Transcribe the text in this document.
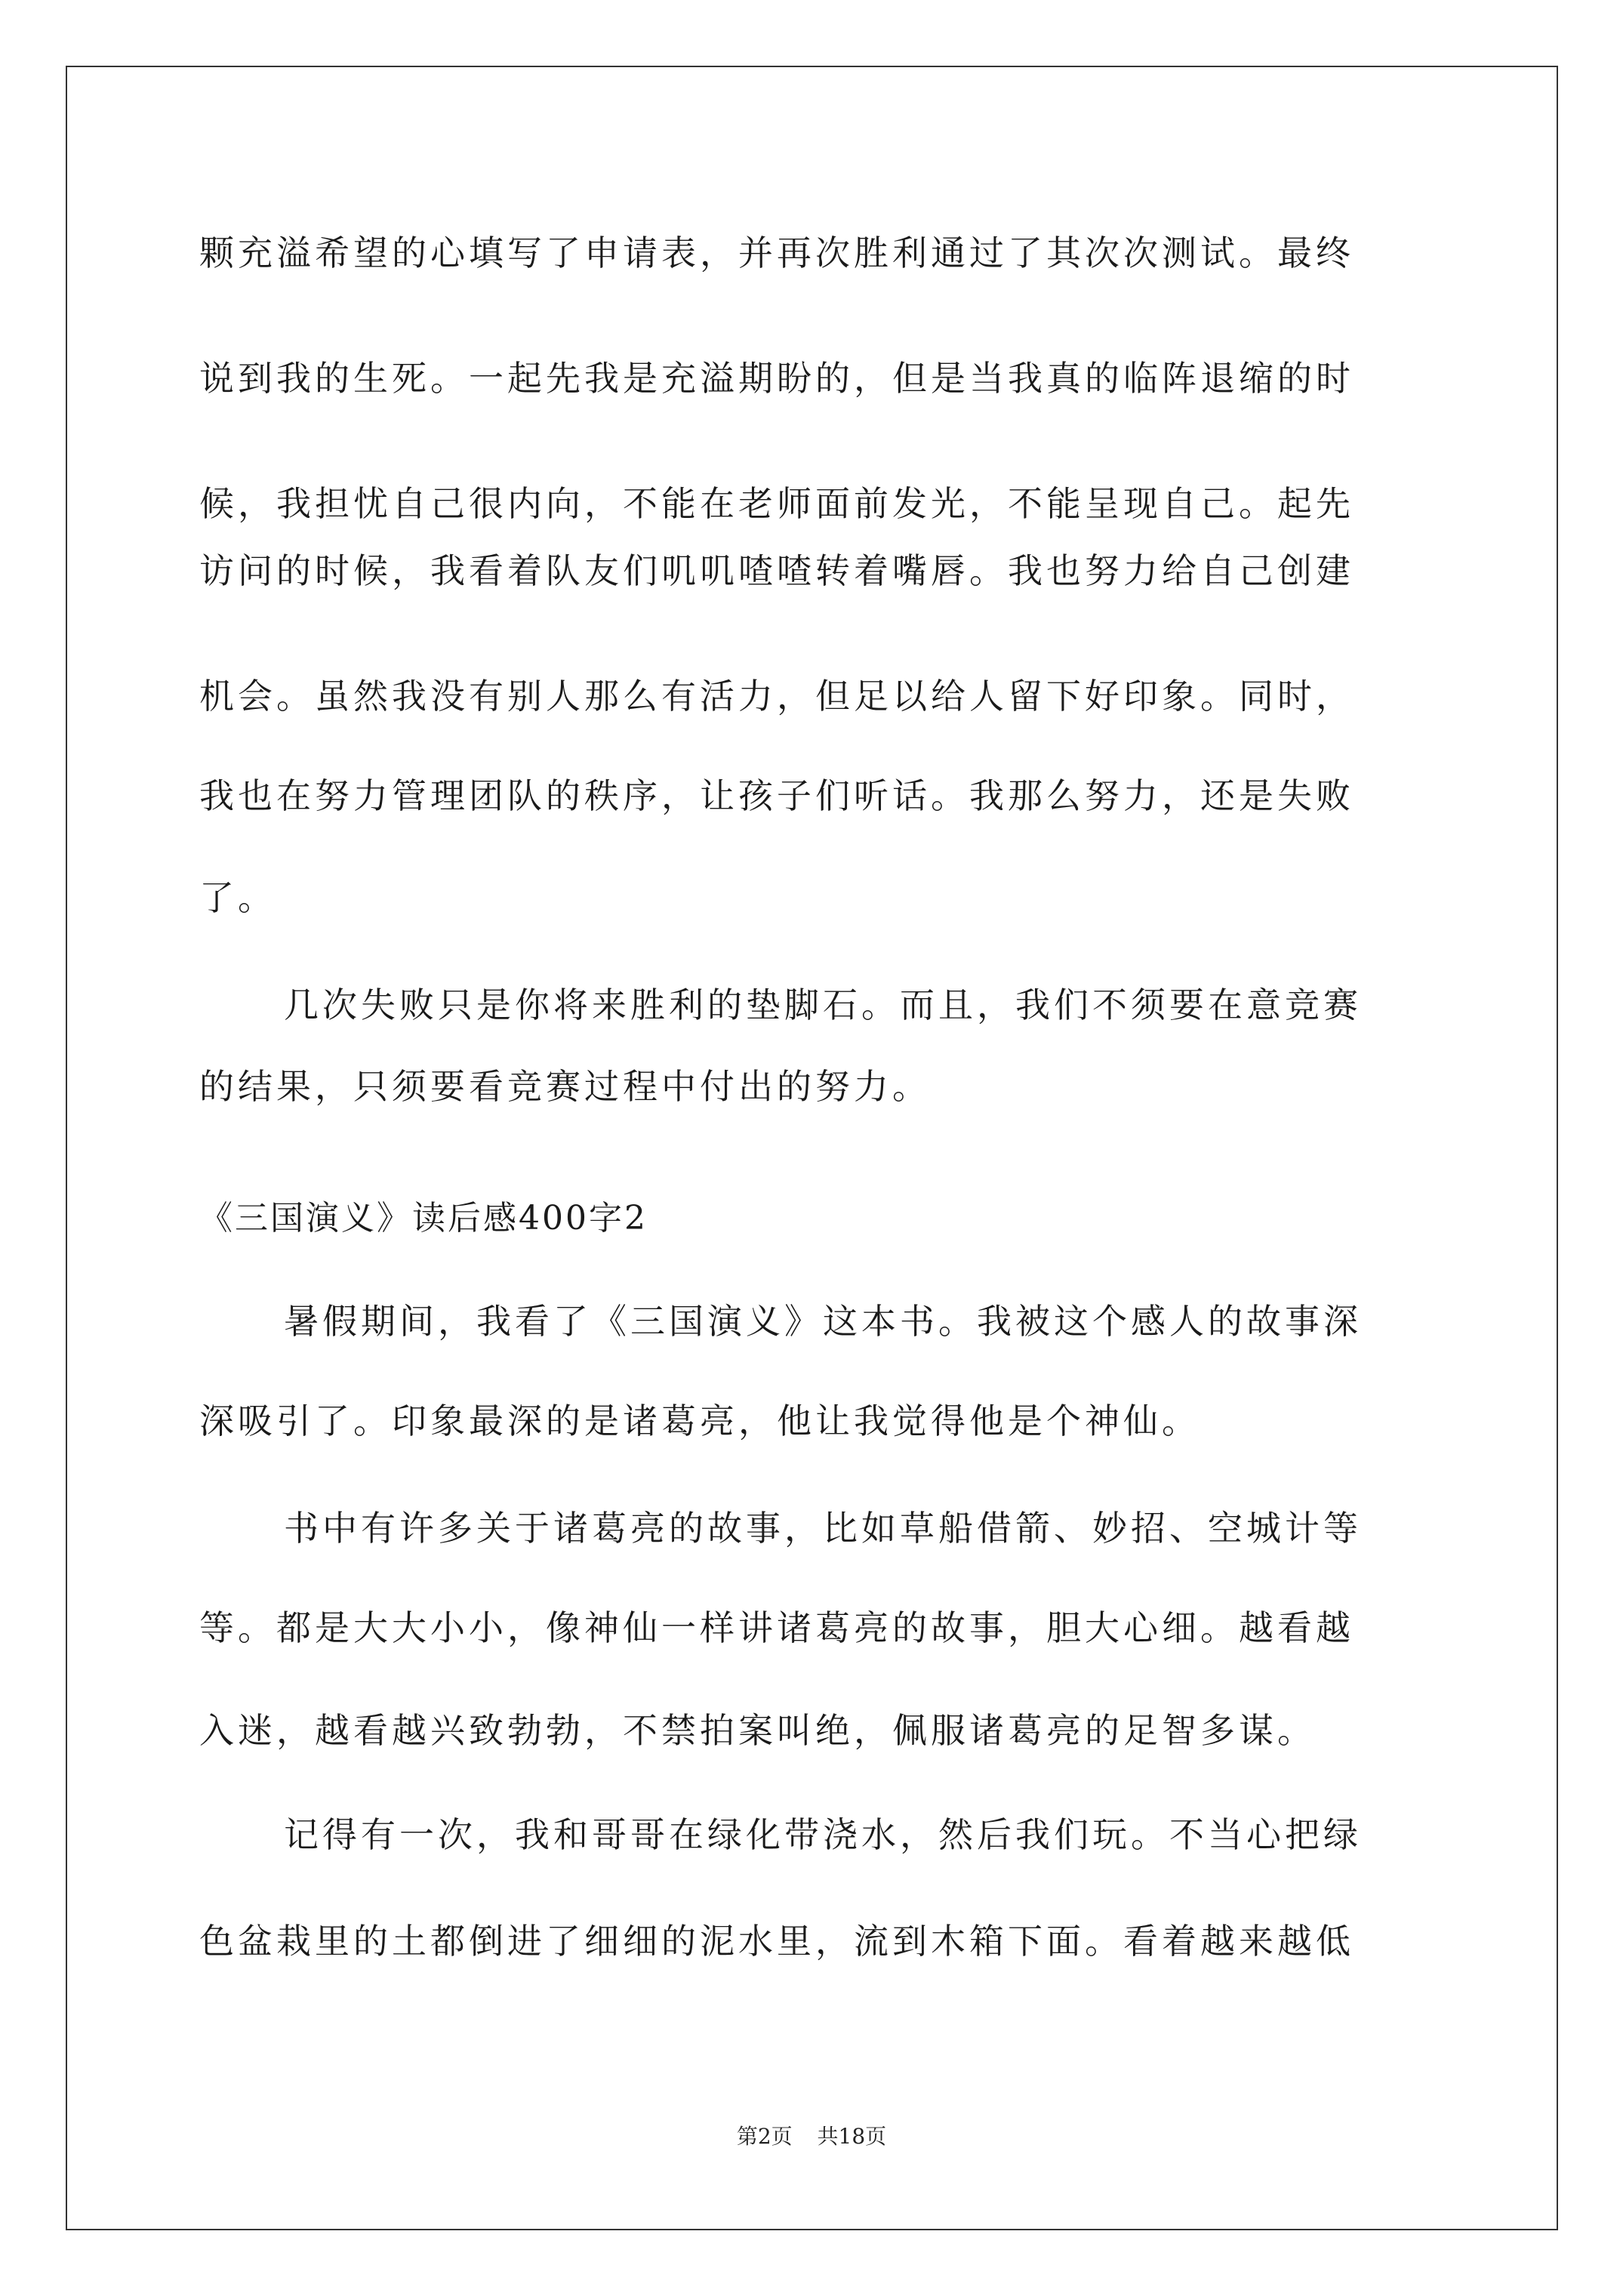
颗充溢希望的心填写了申请表，并再次胜利通过了其次次测试。最终
说到我的生死。一起先我是充溢期盼的，但是当我真的临阵退缩的时
候，我担忧自己很内向，不能在老师面前发光，不能呈现自己。起先
访问的时候，我看着队友们叽叽喳喳转着嘴唇。我也努力给自己创建
机会。虽然我没有别人那么有活力，但足以给人留下好印象。同时，
我也在努力管理团队的秩序，让孩子们听话。我那么努力，还是失败
了。
几次失败只是你将来胜利的垫脚石。而且，我们不须要在意竞赛
的结果，只须要看竞赛过程中付出的努力。
《三国演义》读后感400字2
暑假期间，我看了《三国演义》这本书。我被这个感人的故事深
深吸引了。印象最深的是诸葛亮，他让我觉得他是个神仙。
书中有许多关于诸葛亮的故事，比如草船借箭、妙招、空城计等
等。都是大大小小，像神仙一样讲诸葛亮的故事，胆大心细。越看越
入迷，越看越兴致勃勃，不禁拍案叫绝，佩服诸葛亮的足智多谋。
记得有一次，我和哥哥在绿化带浇水，然后我们玩。不当心把绿
色盆栽里的土都倒进了细细的泥水里，流到木箱下面。看着越来越低
第2页 共18页
